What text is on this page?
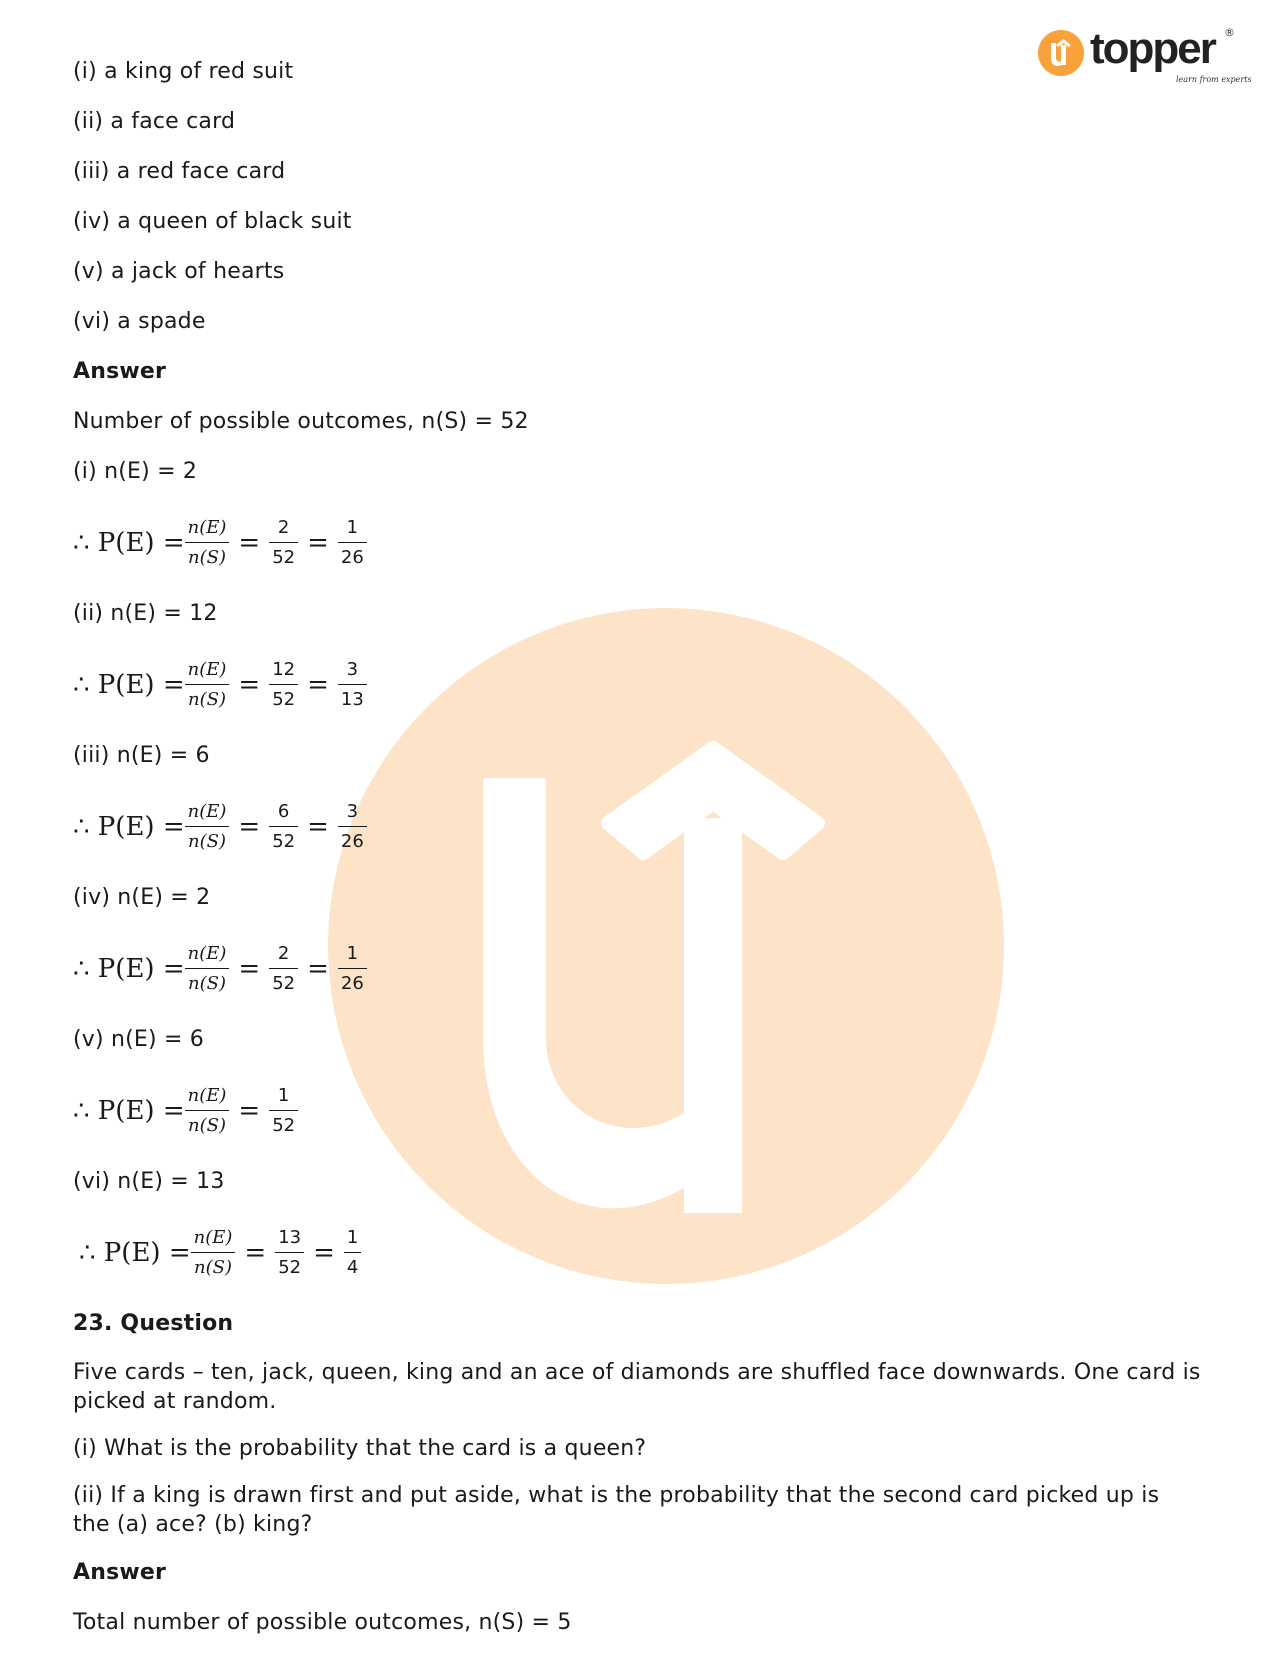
topper ®
learn from experts
(i) a king of red suit
(ii) a face card
(iii) a red face card
(iv) a queen of black suit
(v) a jack of hearts
(vi) a spade
Answer
Number of possible outcomes, n(S) = 52
(i) n(E) = 2
∴ $P(E) = \frac{n(E)}{n(S)} = \frac{2}{52} = \frac{1}{26}$
(ii) n(E) = 12
∴ $P(E) = \frac{n(E)}{n(S)} = \frac{12}{52} = \frac{3}{13}$
(iii) n(E) = 6
∴ $P(E) = \frac{n(E)}{n(S)} = \frac{6}{52} = \frac{3}{26}$
(iv) n(E) = 2
∴ $P(E) = \frac{n(E)}{n(S)} = \frac{2}{52} = \frac{1}{26}$
(v) n(E) = 6
∴ $P(E) = \frac{n(E)}{n(S)} = \frac{1}{52}$
(vi) n(E) = 13
∴ $P(E) = \frac{n(E)}{n(S)} = \frac{13}{52} = \frac{1}{4}$
23. Question
Five cards – ten, jack, queen, king and an ace of diamonds are shuffled face downwards. One card is picked at random.
(i) What is the probability that the card is a queen?
(ii) If a king is drawn first and put aside, what is the probability that the second card picked up is the (a) ace? (b) king?
Answer
Total number of possible outcomes, n(S) = 5
